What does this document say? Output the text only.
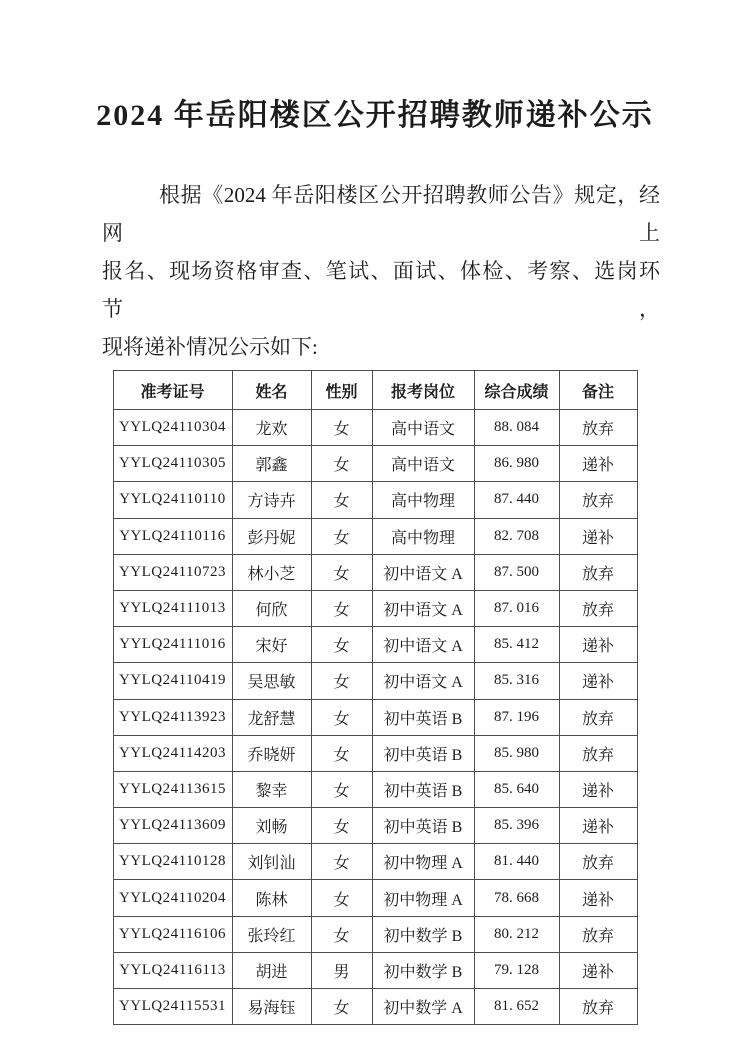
2024 年岳阳楼区公开招聘教师递补公示

根据《2024 年岳阳楼区公开招聘教师公告》规定，经网上

报名、现场资格审查、笔试、面试、体检、考察、选岗环节，

现将递补情况公示如下:

准考证号	姓名	性别	报考岗位	综合成绩	备注
YYLQ24110304	龙欢	女	高中语文	88. 084	放弃
YYLQ24110305	郭鑫	女	高中语文	86. 980	递补
YYLQ24110110	方诗卉	女	高中物理	87. 440	放弃
YYLQ24110116	彭丹妮	女	高中物理	82. 708	递补
YYLQ24110723	林小芝	女	初中语文 A	87. 500	放弃
YYLQ24111013	何欣	女	初中语文 A	87. 016	放弃
YYLQ24111016	宋好	女	初中语文 A	85. 412	递补
YYLQ24110419	吴思敏	女	初中语文 A	85. 316	递补
YYLQ24113923	龙舒慧	女	初中英语 B	87. 196	放弃
YYLQ24114203	乔晓妍	女	初中英语 B	85. 980	放弃
YYLQ24113615	黎幸	女	初中英语 B	85. 640	递补
YYLQ24113609	刘畅	女	初中英语 B	85. 396	递补
YYLQ24110128	刘钊汕	女	初中物理 A	81. 440	放弃
YYLQ24110204	陈林	女	初中物理 A	78. 668	递补
YYLQ24116106	张玲红	女	初中数学 B	80. 212	放弃
YYLQ24116113	胡进	男	初中数学 B	79. 128	递补
YYLQ24115531	易海钰	女	初中数学 A	81. 652	放弃
